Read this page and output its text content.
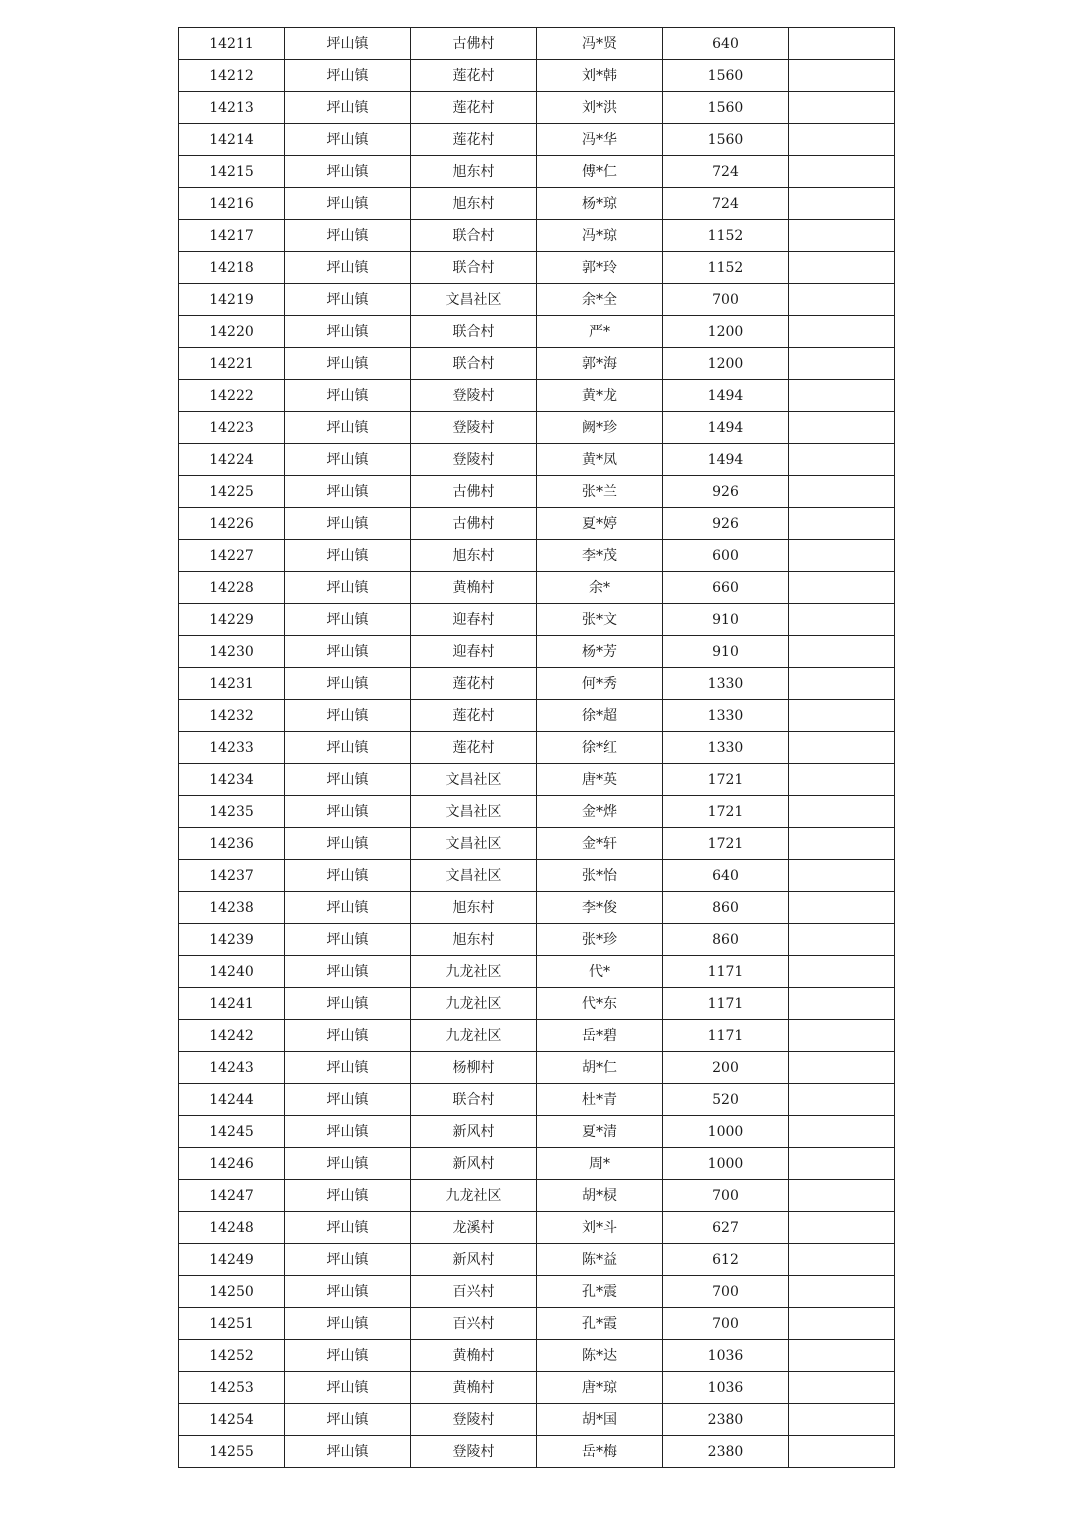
14211	坪山镇	古佛村	冯*贤	640	
14212	坪山镇	莲花村	刘*韩	1560	
14213	坪山镇	莲花村	刘*洪	1560	
14214	坪山镇	莲花村	冯*华	1560	
14215	坪山镇	旭东村	傅*仁	724	
14216	坪山镇	旭东村	杨*琼	724	
14217	坪山镇	联合村	冯*琼	1152	
14218	坪山镇	联合村	郭*玲	1152	
14219	坪山镇	文昌社区	余*全	700	
14220	坪山镇	联合村	严*	1200	
14221	坪山镇	联合村	郭*海	1200	
14222	坪山镇	登陵村	黄*龙	1494	
14223	坪山镇	登陵村	阙*珍	1494	
14224	坪山镇	登陵村	黄*凤	1494	
14225	坪山镇	古佛村	张*兰	926	
14226	坪山镇	古佛村	夏*婷	926	
14227	坪山镇	旭东村	李*茂	600	
14228	坪山镇	黄桷村	余*	660	
14229	坪山镇	迎春村	张*文	910	
14230	坪山镇	迎春村	杨*芳	910	
14231	坪山镇	莲花村	何*秀	1330	
14232	坪山镇	莲花村	徐*超	1330	
14233	坪山镇	莲花村	徐*红	1330	
14234	坪山镇	文昌社区	唐*英	1721	
14235	坪山镇	文昌社区	金*烨	1721	
14236	坪山镇	文昌社区	金*轩	1721	
14237	坪山镇	文昌社区	张*怡	640	
14238	坪山镇	旭东村	李*俊	860	
14239	坪山镇	旭东村	张*珍	860	
14240	坪山镇	九龙社区	代*	1171	
14241	坪山镇	九龙社区	代*东	1171	
14242	坪山镇	九龙社区	岳*碧	1171	
14243	坪山镇	杨柳村	胡*仁	200	
14244	坪山镇	联合村	杜*青	520	
14245	坪山镇	新风村	夏*清	1000	
14246	坪山镇	新风村	周*	1000	
14247	坪山镇	九龙社区	胡*棂	700	
14248	坪山镇	龙溪村	刘*斗	627	
14249	坪山镇	新风村	陈*益	612	
14250	坪山镇	百兴村	孔*震	700	
14251	坪山镇	百兴村	孔*霞	700	
14252	坪山镇	黄桷村	陈*达	1036	
14253	坪山镇	黄桷村	唐*琼	1036	
14254	坪山镇	登陵村	胡*国	2380	
14255	坪山镇	登陵村	岳*梅	2380	
